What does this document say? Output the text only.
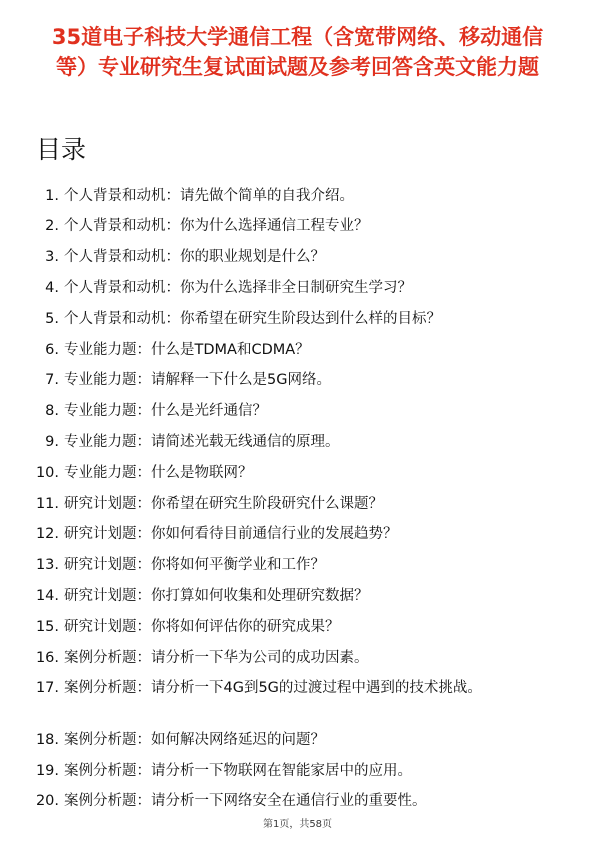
35道电子科技大学通信工程（含宽带网络、移动通信等）专业研究生复试面试题及参考回答含英文能力题
目录
1. 个人背景和动机：请先做个简单的自我介绍。
2. 个人背景和动机：你为什么选择通信工程专业？
3. 个人背景和动机：你的职业规划是什么？
4. 个人背景和动机：你为什么选择非全日制研究生学习？
5. 个人背景和动机：你希望在研究生阶段达到什么样的目标？
6. 专业能力题：什么是TDMA和CDMA？
7. 专业能力题：请解释一下什么是5G网络。
8. 专业能力题：什么是光纤通信？
9. 专业能力题：请简述光载无线通信的原理。
10. 专业能力题：什么是物联网？
11. 研究计划题：你希望在研究生阶段研究什么课题？
12. 研究计划题：你如何看待目前通信行业的发展趋势？
13. 研究计划题：你将如何平衡学业和工作？
14. 研究计划题：你打算如何收集和处理研究数据？
15. 研究计划题：你将如何评估你的研究成果？
16. 案例分析题：请分析一下华为公司的成功因素。
17. 案例分析题：请分析一下4G到5G的过渡过程中遇到的技术挑战。
18. 案例分析题：如何解决网络延迟的问题？
19. 案例分析题：请分析一下物联网在智能家居中的应用。
20. 案例分析题：请分析一下网络安全在通信行业的重要性。
第1页，共58页
